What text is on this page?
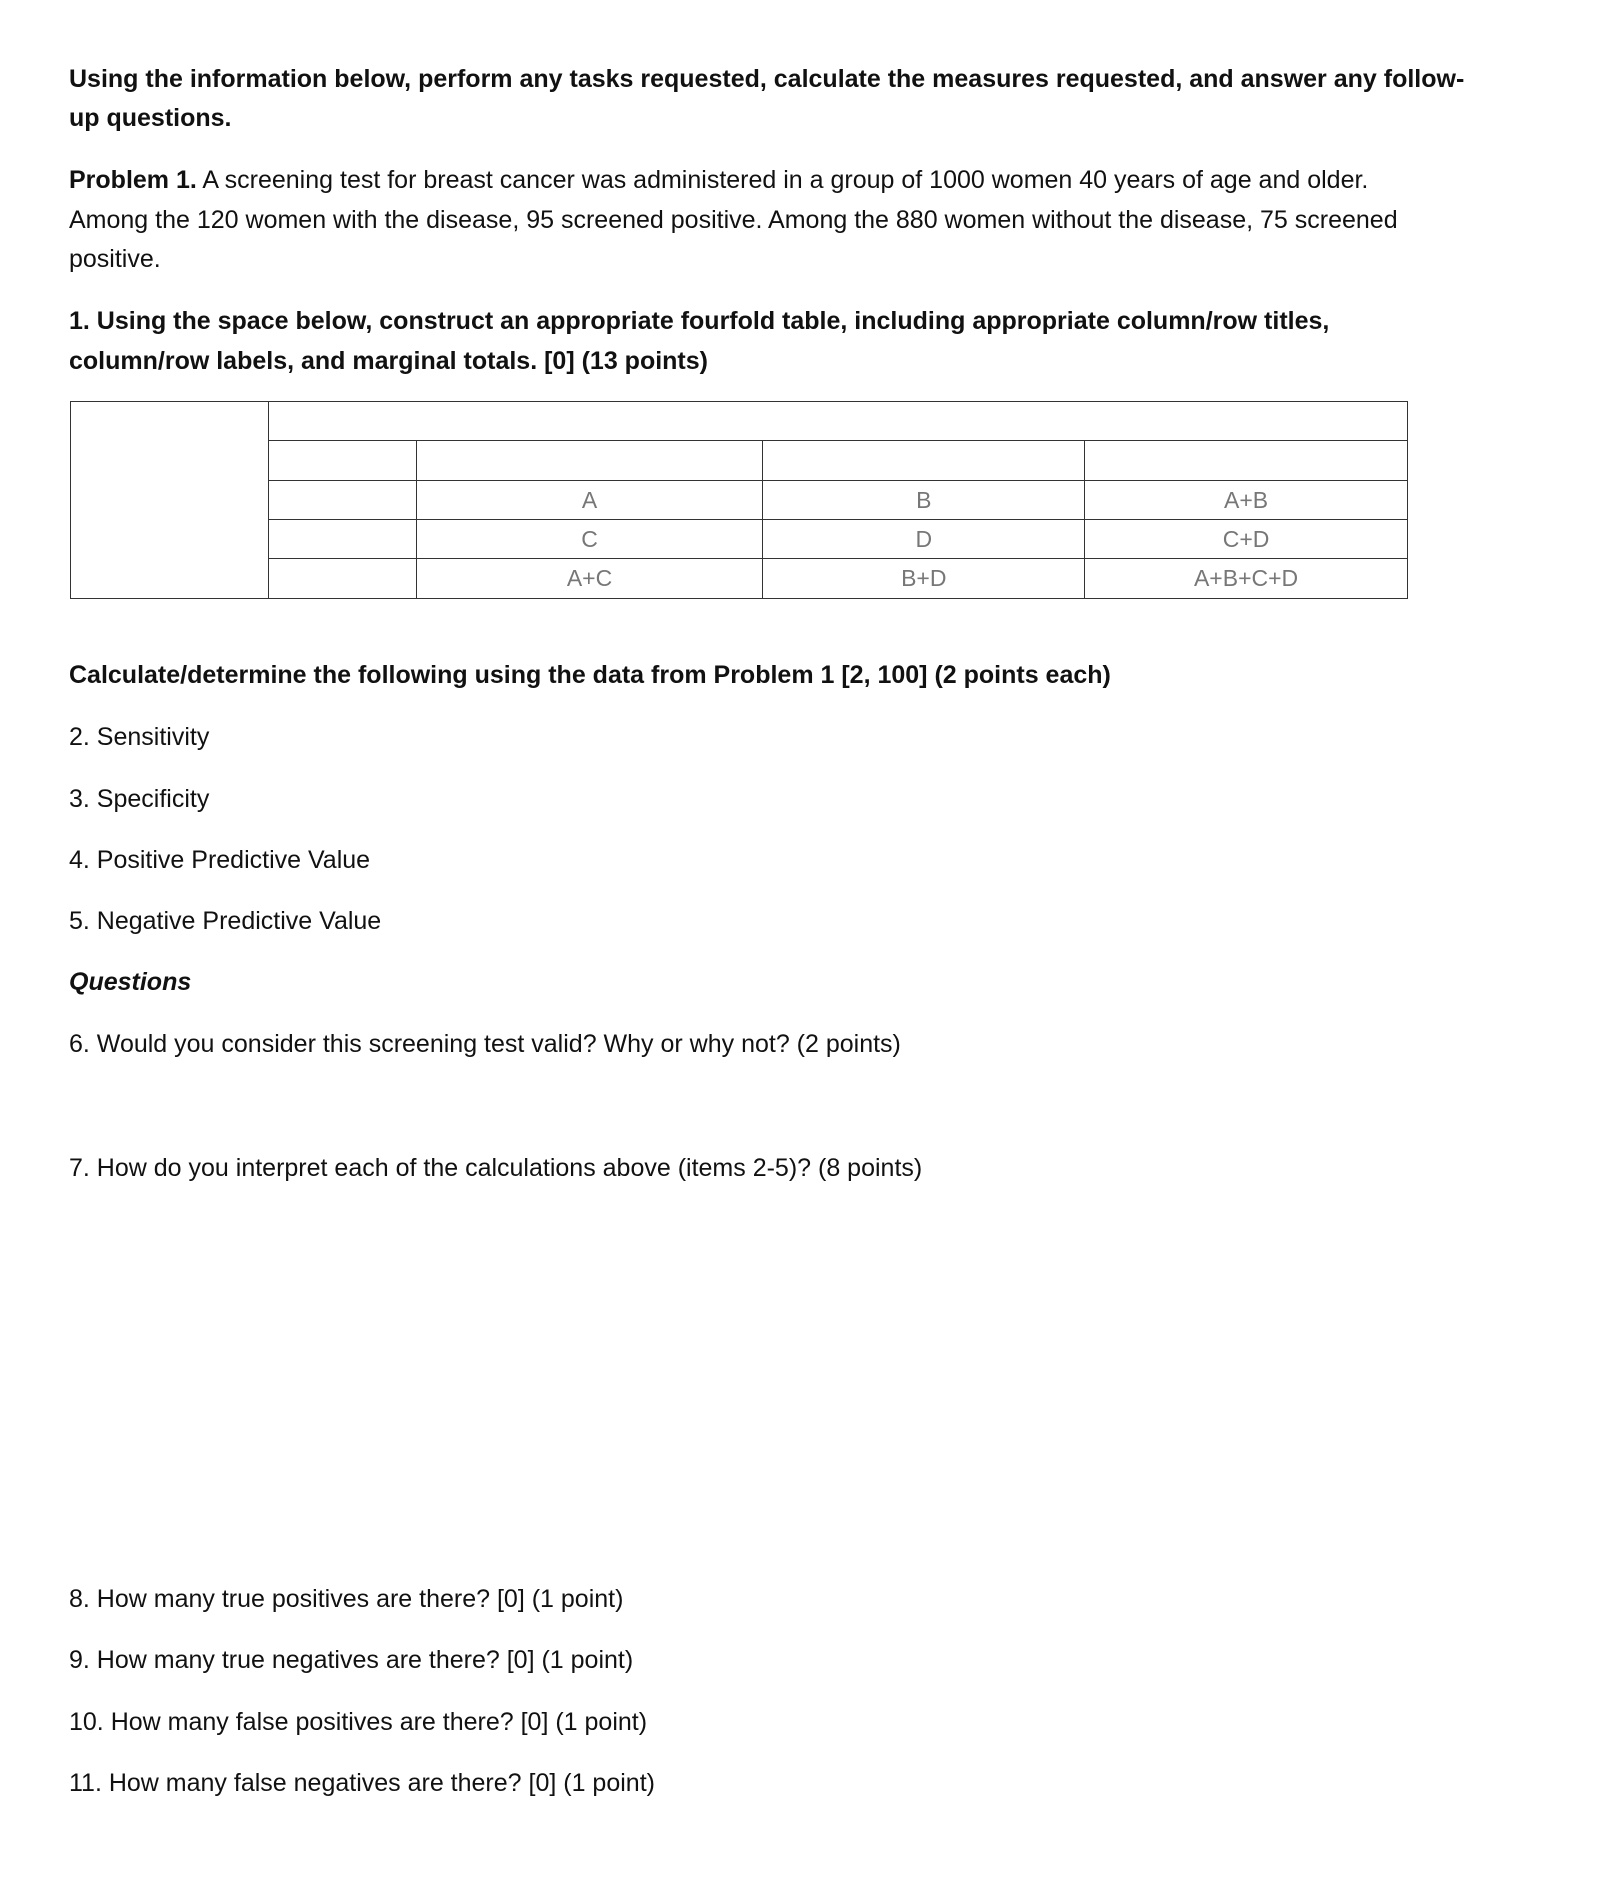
Using the information below, perform any tasks requested, calculate the measures requested, and answer any follow-
up questions.
Problem 1. A screening test for breast cancer was administered in a group of 1000 women 40 years of age and older.
Among the 120 women with the disease, 95 screened positive. Among the 880 women without the disease, 75 screened
positive.
1. Using the space below, construct an appropriate fourfold table, including appropriate column/row titles,
column/row labels, and marginal totals. [0] (13 points)

		A	B	A+B
		C	D	C+D
		A+C	B+D	A+B+C+D
Calculate/determine the following using the data from Problem 1 [2, 100] (2 points each)
2. Sensitivity
3. Specificity
4. Positive Predictive Value
5. Negative Predictive Value
Questions
6. Would you consider this screening test valid? Why or why not? (2 points)
7. How do you interpret each of the calculations above (items 2-5)? (8 points)
8. How many true positives are there? [0] (1 point)
9. How many true negatives are there? [0] (1 point)
10. How many false positives are there? [0] (1 point)
11. How many false negatives are there? [0] (1 point)
